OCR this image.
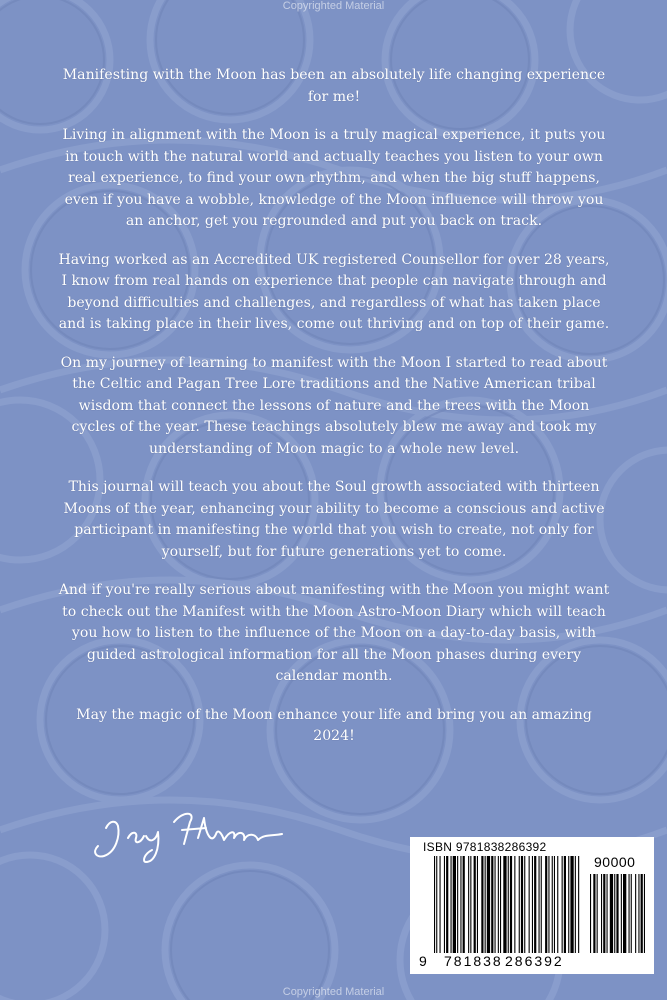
Copyrighted Material

Manifesting with the Moon has been an absolutely life changing experience for me!

Living in alignment with the Moon is a truly magical experience, it puts you in touch with the natural world and actually teaches you listen to your own real experience, to find your own rhythm, and when the big stuff happens, even if you have a wobble, knowledge of the Moon influence will throw you an anchor, get you regrounded and put you back on track.

Having worked as an Accredited UK registered Counsellor for over 28 years, I know from real hands on experience that people can navigate through and beyond difficulties and challenges, and regardless of what has taken place and is taking place in their lives, come out thriving and on top of their game.

On my journey of learning to manifest with the Moon I started to read about the Celtic and Pagan Tree Lore traditions and the Native American tribal wisdom that connect the lessons of nature and the trees with the Moon cycles of the year. These teachings absolutely blew me away and took my understanding of Moon magic to a whole new level.

This journal will teach you about the Soul growth associated with thirteen Moons of the year, enhancing your ability to become a conscious and active participant in manifesting the world that you wish to create, not only for yourself, but for future generations yet to come.

And if you're really serious about manifesting with the Moon you might want to check out the Manifest with the Moon Astro-Moon Diary which will teach you how to listen to the influence of the Moon on a day-to-day basis, with guided astrological information for all the Moon phases during every calendar month.

May the magic of the Moon enhance your life and bring you an amazing 2024!

Copyrighted Material
ISBN 9781838286392
90000
9 781838 286392
